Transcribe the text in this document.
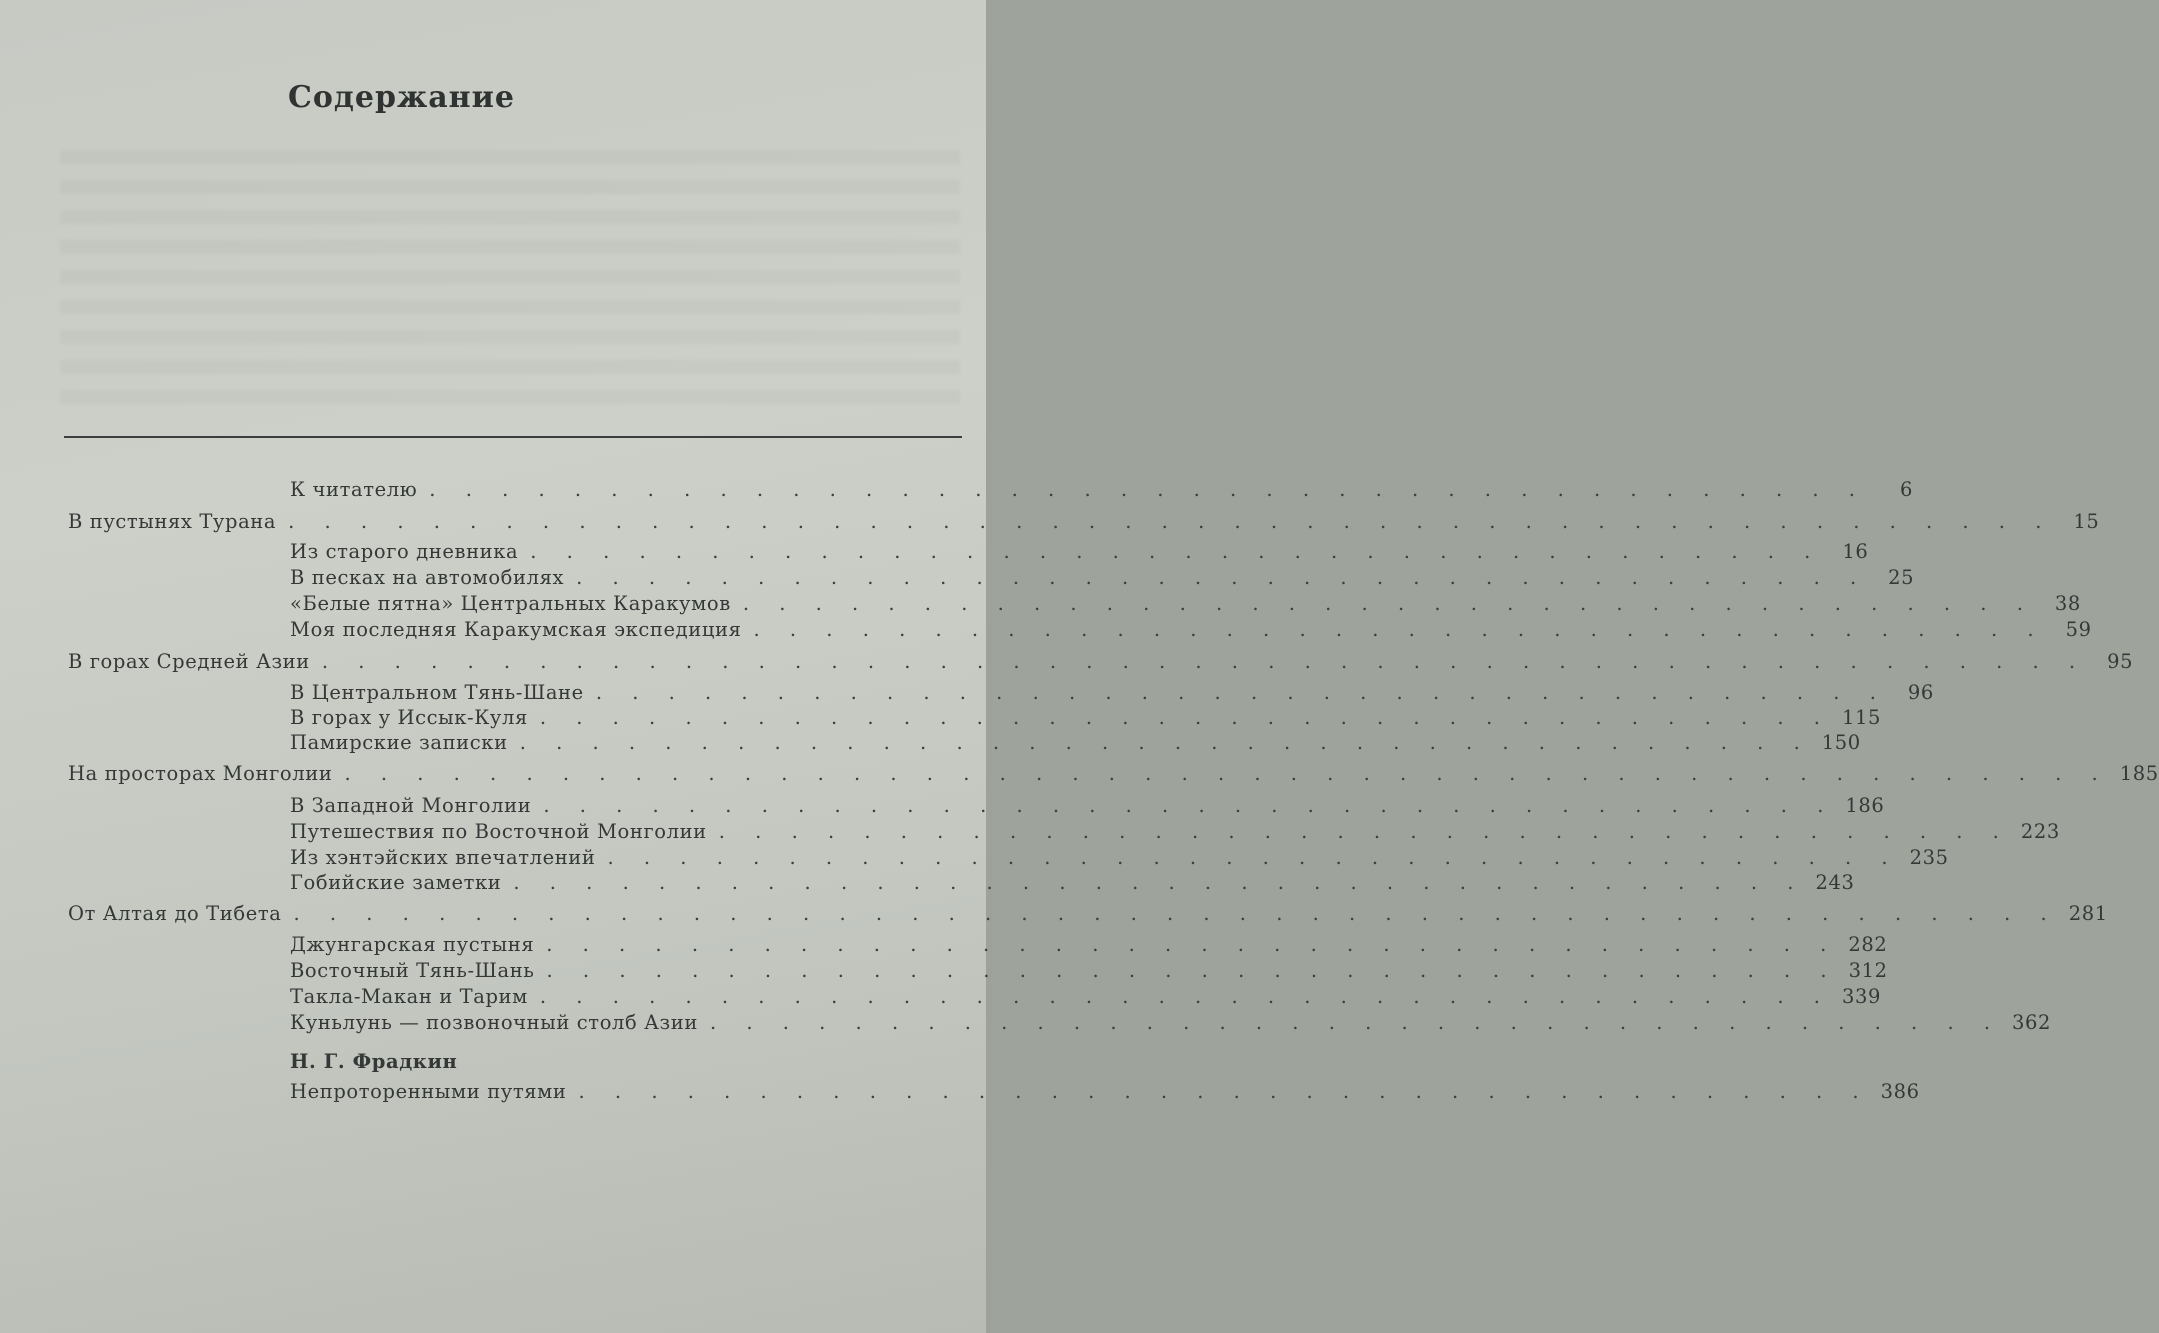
Содержание
К читателю . . . . . . . . . . . . . . . . . . . . . . . . . . . . . . . . . . . . . . . .	6
В пустынях Турана . . . . . . . . . . . . . . . . . . . . . . . . . . . . . . . . . . . . . . . . . . . . . . . . .	15
Из старого дневника . . . . . . . . . . . . . . . . . . . . . . . . . . . . . . . . . . . .	16
В песках на автомобилях . . . . . . . . . . . . . . . . . . . . . . . . . . . . . . . . . . . .	25
«Белые пятна» Центральных Каракумов . . . . . . . . . . . . . . . . . . . . . . . . . . . . . . . . . . . .	38
Моя последняя Каракумская экспедиция . . . . . . . . . . . . . . . . . . . . . . . . . . . . . . . . . . . .	59
В горах Средней Азии . . . . . . . . . . . . . . . . . . . . . . . . . . . . . . . . . . . . . . . . . . . . . . . . .	95
В Центральном Тянь-Шане . . . . . . . . . . . . . . . . . . . . . . . . . . . . . . . . . . . .	96
В горах у Иссык-Куля . . . . . . . . . . . . . . . . . . . . . . . . . . . . . . . . . . . . 115
Памирские записки . . . . . . . . . . . . . . . . . . . . . . . . . . . . . . . . . . . . 150
На просторах Монголии . . . . . . . . . . . . . . . . . . . . . . . . . . . . . . . . . . . . . . . . . . . . . . . . . 185
В Западной Монголии . . . . . . . . . . . . . . . . . . . . . . . . . . . . . . . . . . . . 186
Путешествия по Восточной Монголии . . . . . . . . . . . . . . . . . . . . . . . . . . . . . . . . . . . . 223
Из хэнтэйских впечатлений . . . . . . . . . . . . . . . . . . . . . . . . . . . . . . . . . . . . 235
Гобийские заметки . . . . . . . . . . . . . . . . . . . . . . . . . . . . . . . . . . . . 243
От Алтая до Тибета . . . . . . . . . . . . . . . . . . . . . . . . . . . . . . . . . . . . . . . . . . . . . . . . . 281
Джунгарская пустыня . . . . . . . . . . . . . . . . . . . . . . . . . . . . . . . . . . . . 282
Восточный Тянь-Шань . . . . . . . . . . . . . . . . . . . . . . . . . . . . . . . . . . . . 312
Такла-Макан и Тарим . . . . . . . . . . . . . . . . . . . . . . . . . . . . . . . . . . . . 339
Куньлунь — позвоночный столб Азии . . . . . . . . . . . . . . . . . . . . . . . . . . . . . . . . . . . . 362
Н. Г. Фрадкин
Непроторенными путями . . . . . . . . . . . . . . . . . . . . . . . . . . . . . . . . . . . . 386
